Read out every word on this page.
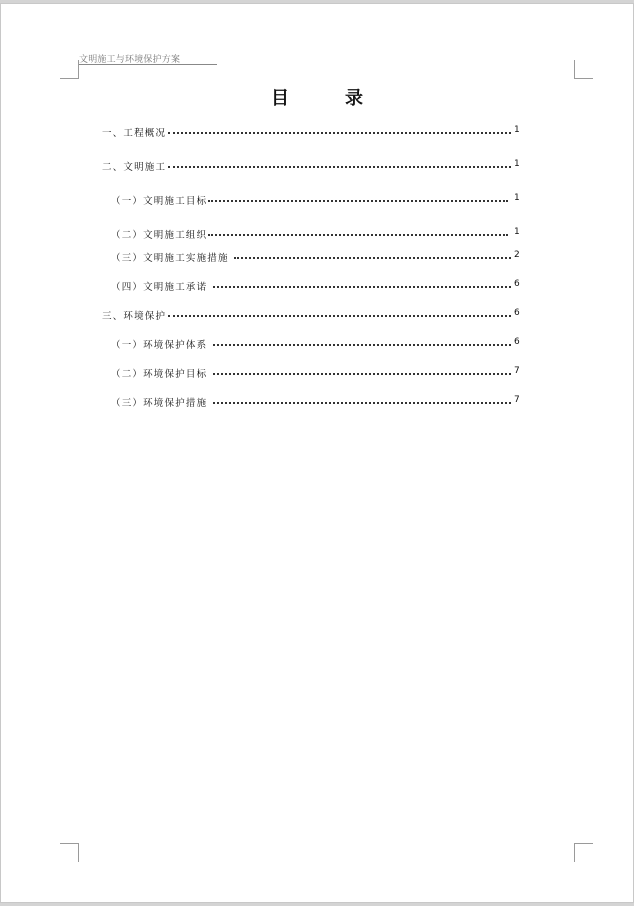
文明施工与环境保护方案
目	录
一、工程概况	1
二、文明施工	1
（一）文明施工目标	1
（二）文明施工组织	1
（三）文明施工实施措施	2
（四）文明施工承诺	6
三、环境保护	6
（一）环境保护体系	6
（二）环境保护目标	7
（三）环境保护措施	7
